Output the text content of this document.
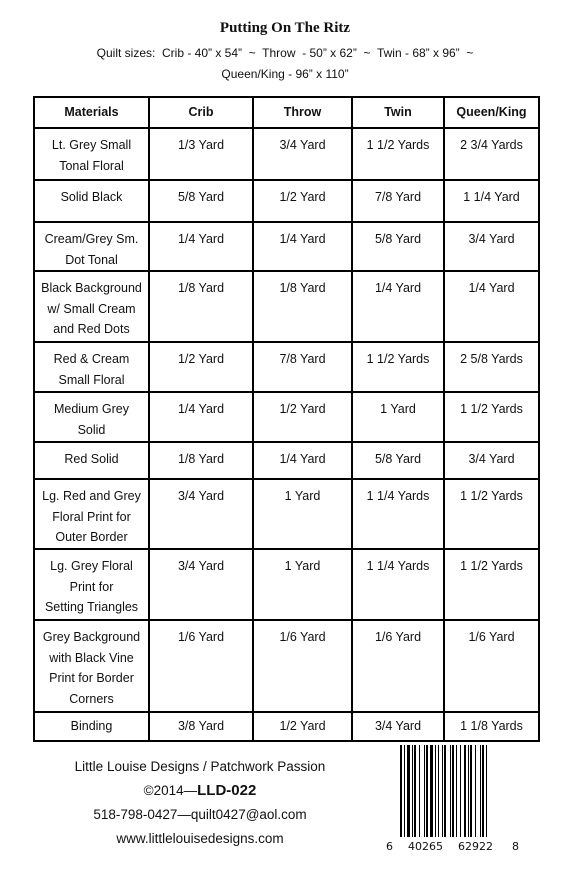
Putting On The Ritz
Quilt sizes:  Crib - 40” x 54”  ~  Throw  - 50” x 62”  ~  Twin - 68” x 96”  ~
Queen/King - 96” x 110”
Materials	Crib	Throw	Twin	Queen/King

Lt. Grey Small
Tonal Floral	1/3 Yard	3/4 Yard	1 1/2 Yards	2 3/4 Yards

Solid Black	5/8 Yard	1/2 Yard	7/8 Yard	1 1/4 Yard

Cream/Grey Sm.
Dot Tonal	1/4 Yard	1/4 Yard	5/8 Yard	3/4 Yard

Black Background
w/ Small Cream
and Red Dots	1/8 Yard	1/8 Yard	1/4 Yard	1/4 Yard

Red & Cream
Small Floral	1/2 Yard	7/8 Yard	1 1/2 Yards	2 5/8 Yards

Medium Grey
Solid	1/4 Yard	1/2 Yard	1 Yard	1 1/2 Yards

Red Solid	1/8 Yard	1/4 Yard	5/8 Yard	3/4 Yard

Lg. Red and Grey
Floral Print for
Outer Border	3/4 Yard	1 Yard	1 1/4 Yards	1 1/2 Yards

Lg. Grey Floral
Print for
Setting Triangles	3/4 Yard	1 Yard	1 1/4 Yards	1 1/2 Yards

Grey Background
with Black Vine
Print for Border
Corners	1/6 Yard	1/6 Yard	1/6 Yard	1/6 Yard

Binding	3/8 Yard	1/2 Yard	3/4 Yard	1 1/8 Yards
Little Louise Designs / Patchwork Passion
©2014—LLD-022
518-798-0427—quilt0427@aol.com
www.littlelouisedesigns.com
6 40265 62922 8
